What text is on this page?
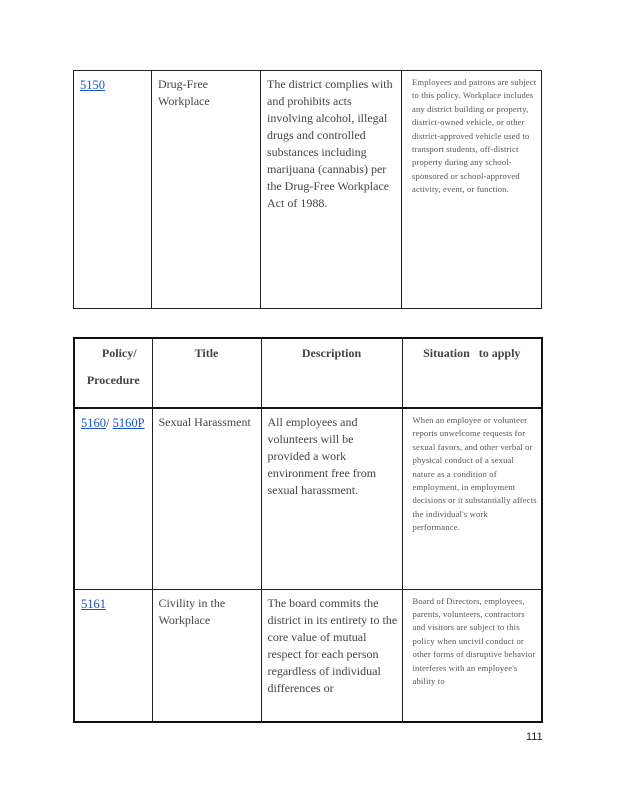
5150	Drug-Free Workplace	The district complies with and prohibits acts involving alcohol, illegal drugs and controlled substances including marijuana (cannabis) per the Drug-Free Workplace Act of 1988.	Employees and patrons are subject to this policy. Workplace includes any district building or property, district-owned vehicle, or other district-approved vehicle used to transport students, off-district property during any school-sponsored or school-approved activity, event, or function.
Policy/
Procedure	Title	Description	Situation   to apply
5160/ 5160P	Sexual Harassment	All employees and volunteers will be provided a work environment free from sexual harassment.	When an employee or volunteer reports unwelcome requests for sexual favors, and other verbal or physical conduct of a sexual nature as a condition of employment, in employment decisions or it substantially affects the individual's work performance.
5161	Civility in the Workplace	The board commits the district in its entirety to the core value of mutual respect for each person regardless of individual differences or	Board of Directors, employees, parents, volunteers, contractors and visitors are subject to this policy when uncivil conduct or other forms of disruptive behavior interferes with an employee's ability to
111
